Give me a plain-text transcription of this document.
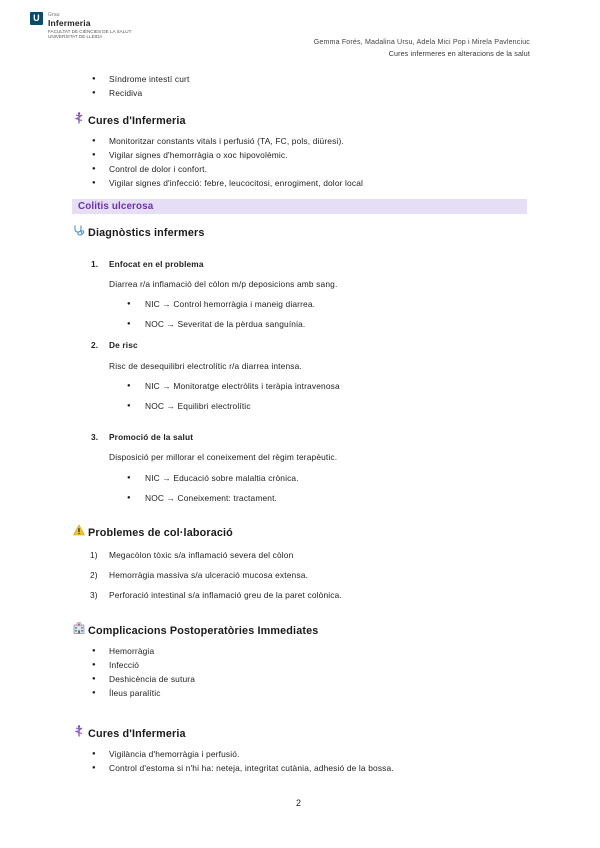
U	Grau
Infermeria
FACULTAT DE CIÈNCIES DE LA SALUT
UNIVERSITAT DE LLEIDA
Gemma Forés, Madalina Ursu, Adela Mici Pop i Mirela Pavlenciuc
Cures infermeres en alteracions de la salut
● Síndrome intestí curt
● Recidiva
Cures d'Infermeria
● Monitoritzar constants vitals i perfusió (TA, FC, pols, diüresi).
● Vigilar signes d'hemorràgia o xoc hipovolèmic.
● Control de dolor i confort.
● Vigilar signes d'infecció: febre, leucocitosi, enrogiment, dolor local
Colitis ulcerosa
Diagnòstics infermers
1. Enfocat en el problema
Diarrea r/a inflamació del còlon m/p deposicions amb sang.
● NIC → Control hemorràgia i maneig diarrea.
● NOC → Severitat de la pèrdua sanguínia.
2. De risc
Risc de desequilibri electrolític r/a diarrea intensa.
● NIC → Monitoratge electròlits i teràpia intravenosa
● NOC → Equilibri electrolític
3. Promoció de la salut
Disposició per millorar el coneixement del règim terapèutic.
● NIC → Educació sobre malaltia crònica.
● NOC → Coneixement: tractament.
Problemes de col·laboració
1) Megacòlon tòxic s/a inflamació severa del còlon
2) Hemorràgia massiva s/a ulceració mucosa extensa.
3) Perforació intestinal s/a inflamació greu de la paret colònica.
Complicacions Postoperatòries Immediates
● Hemorràgia
● Infecció
● Deshicència de sutura
● Íleus paralític
Cures d'Infermeria
● Vigilància d'hemorràgia i perfusió.
● Control d'estoma si n'hi ha: neteja, integritat cutània, adhesió de la bossa.
2
